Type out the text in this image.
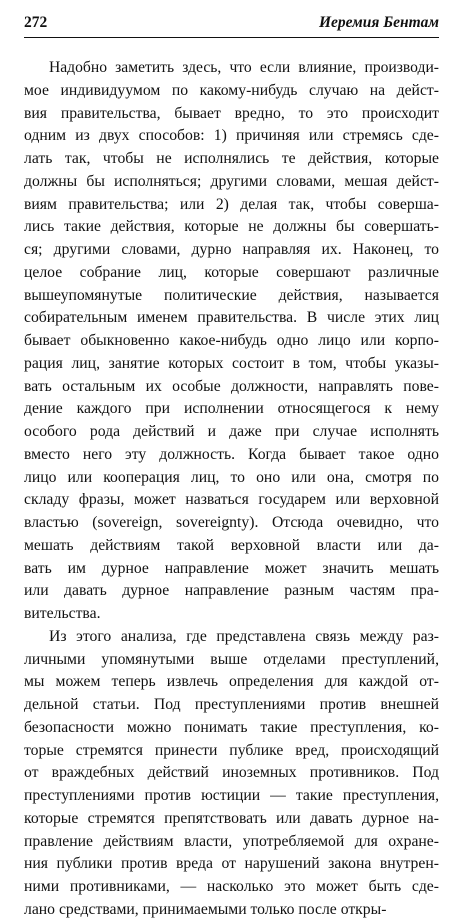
272	Иеремия Бентам

Надобно заметить здесь, что если влияние, производи-
мое индивидуумом по какому-нибудь случаю на дейст-
вия правительства, бывает вредно, то это происходит
одним из двух способов: 1) причиняя или стремясь сде-
лать так, чтобы не исполнялись те действия, которые
должны бы исполняться; другими словами, мешая дейст-
виям правительства; или 2) делая так, чтобы совершa-
лись такие действия, которые не должны бы совершать-
ся; другими словами, дурно направляя их. Наконец, то
целое собрание лиц, которые совершают различные
вышеупомянутые политические действия, называется
собирательным именем правительства. В числе этих лиц
бывает обыкновенно какое-нибудь одно лицо или корпо-
рация лиц, занятие которых состоит в том, чтобы указы-
вать остальным их особые должности, направлять пове-
дение каждого при исполнении относящегося к нему
особого рода действий и даже при случае исполнять
вместо него эту должность. Когда бывает такое одно
лицо или кооперация лиц, то оно или она, смотря по
складу фразы, может назваться государем или верховной
властью (sovereign, sovereignty). Отсюда очевидно, что
мешать действиям такой верховной власти или да-
вать им дурное направление может значить мешать
или давать дурное направление разным частям пра-
вительства.

Из этого анализа, где представлена связь между раз-
личными упомянутыми выше отделами преступлений,
мы можем теперь извлечь определения для каждой от-
дельной статьи. Под преступлениями против внешней
безопасности можно понимать такие преступления, ко-
торые стремятся принести публике вред, происходящий
от враждебных действий иноземных противников. Под
преступлениями против юстиции — такие преступления,
которые стремятся препятствовать или давать дурное на-
правление действиям власти, употребляемой для охране-
ния публики против вреда от нарушений закона внутрен-
ними противниками, — насколько это может быть сде-
лано средствами, принимаемыми только после откры-
